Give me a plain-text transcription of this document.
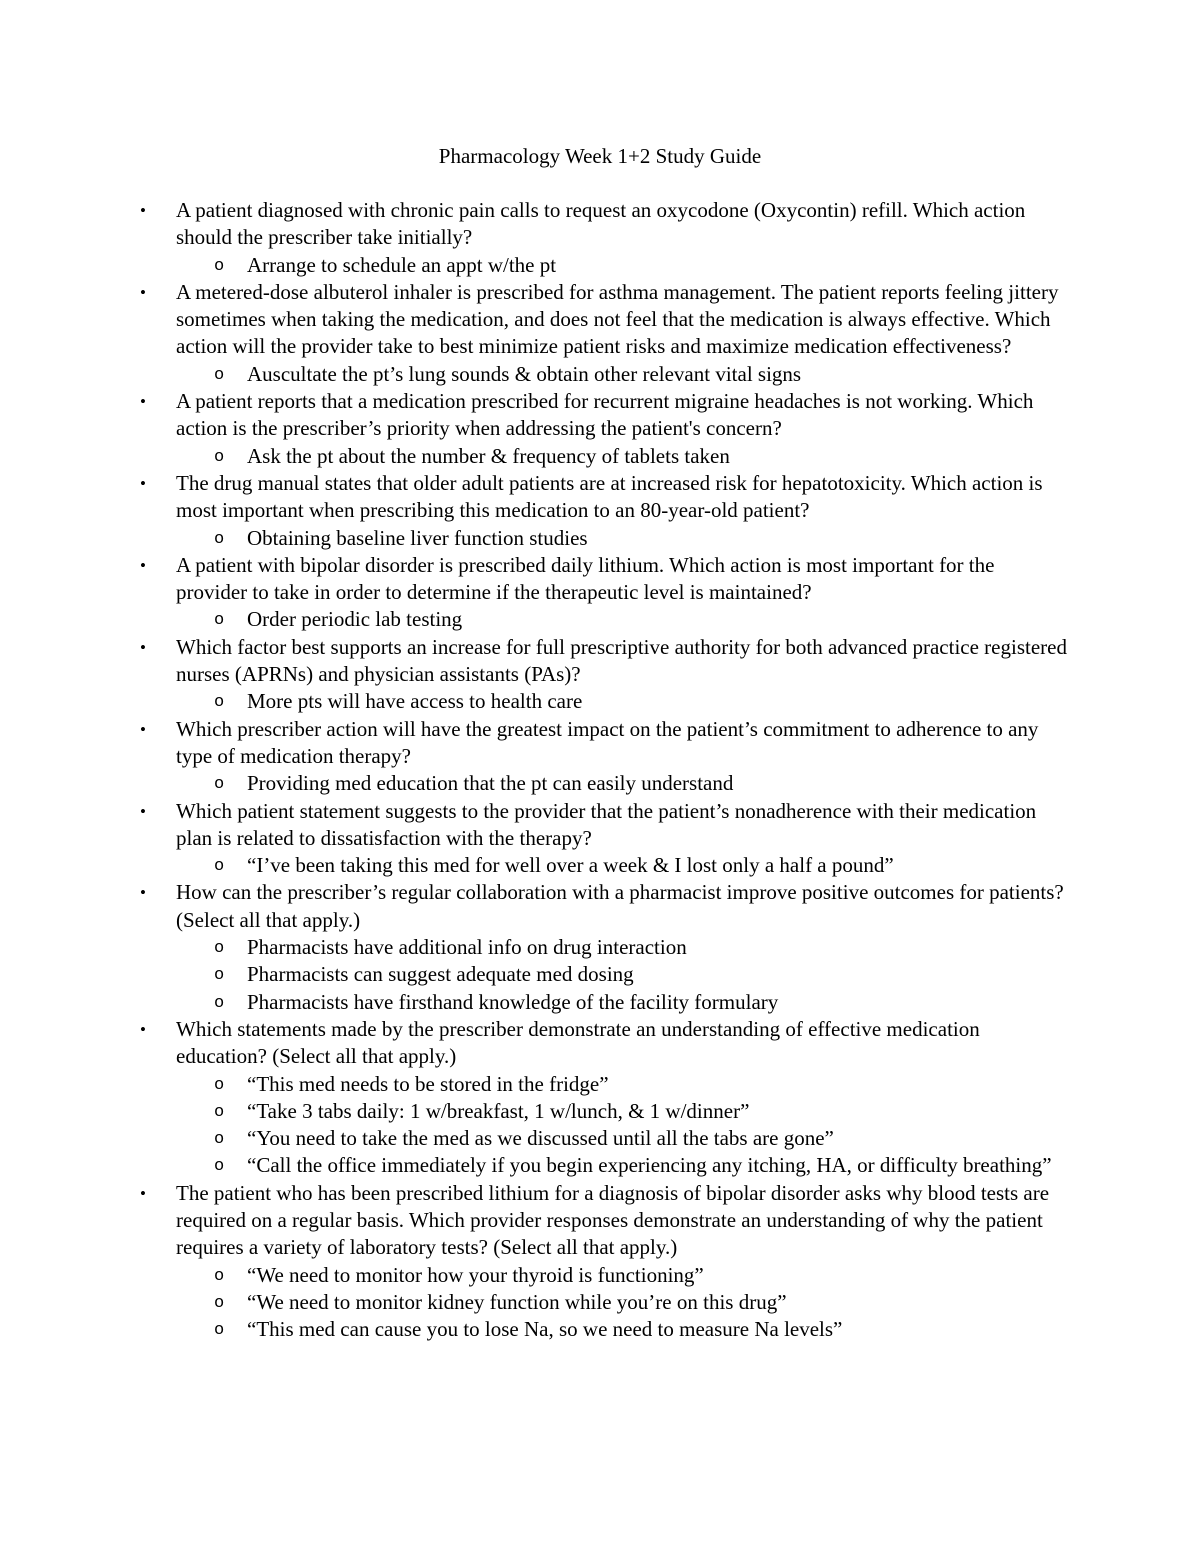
Pharmacology Week 1+2 Study Guide
• A patient diagnosed with chronic pain calls to request an oxycodone (Oxycontin) refill. Which action should the prescriber take initially?
o Arrange to schedule an appt w/the pt
• A metered-dose albuterol inhaler is prescribed for asthma management. The patient reports feeling jittery sometimes when taking the medication, and does not feel that the medication is always effective. Which action will the provider take to best minimize patient risks and maximize medication effectiveness?
o Auscultate the pt’s lung sounds & obtain other relevant vital signs
• A patient reports that a medication prescribed for recurrent migraine headaches is not working. Which action is the prescriber’s priority when addressing the patient's concern?
o Ask the pt about the number & frequency of tablets taken
• The drug manual states that older adult patients are at increased risk for hepatotoxicity. Which action is most important when prescribing this medication to an 80-year-old patient?
o Obtaining baseline liver function studies
• A patient with bipolar disorder is prescribed daily lithium. Which action is most important for the provider to take in order to determine if the therapeutic level is maintained?
o Order periodic lab testing
• Which factor best supports an increase for full prescriptive authority for both advanced practice registered nurses (APRNs) and physician assistants (PAs)?
o More pts will have access to health care
• Which prescriber action will have the greatest impact on the patient’s commitment to adherence to any type of medication therapy?
o Providing med education that the pt can easily understand
• Which patient statement suggests to the provider that the patient’s nonadherence with their medication plan is related to dissatisfaction with the therapy?
o “I’ve been taking this med for well over a week & I lost only a half a pound”
• How can the prescriber’s regular collaboration with a pharmacist improve positive outcomes for patients? (Select all that apply.)
o Pharmacists have additional info on drug interaction
o Pharmacists can suggest adequate med dosing
o Pharmacists have firsthand knowledge of the facility formulary
• Which statements made by the prescriber demonstrate an understanding of effective medication education? (Select all that apply.)
o “This med needs to be stored in the fridge”
o “Take 3 tabs daily: 1 w/breakfast, 1 w/lunch, & 1 w/dinner”
o “You need to take the med as we discussed until all the tabs are gone”
o “Call the office immediately if you begin experiencing any itching, HA, or difficulty breathing”
• The patient who has been prescribed lithium for a diagnosis of bipolar disorder asks why blood tests are required on a regular basis. Which provider responses demonstrate an understanding of why the patient requires a variety of laboratory tests? (Select all that apply.)
o “We need to monitor how your thyroid is functioning”
o “We need to monitor kidney function while you’re on this drug”
o “This med can cause you to lose Na, so we need to measure Na levels”
